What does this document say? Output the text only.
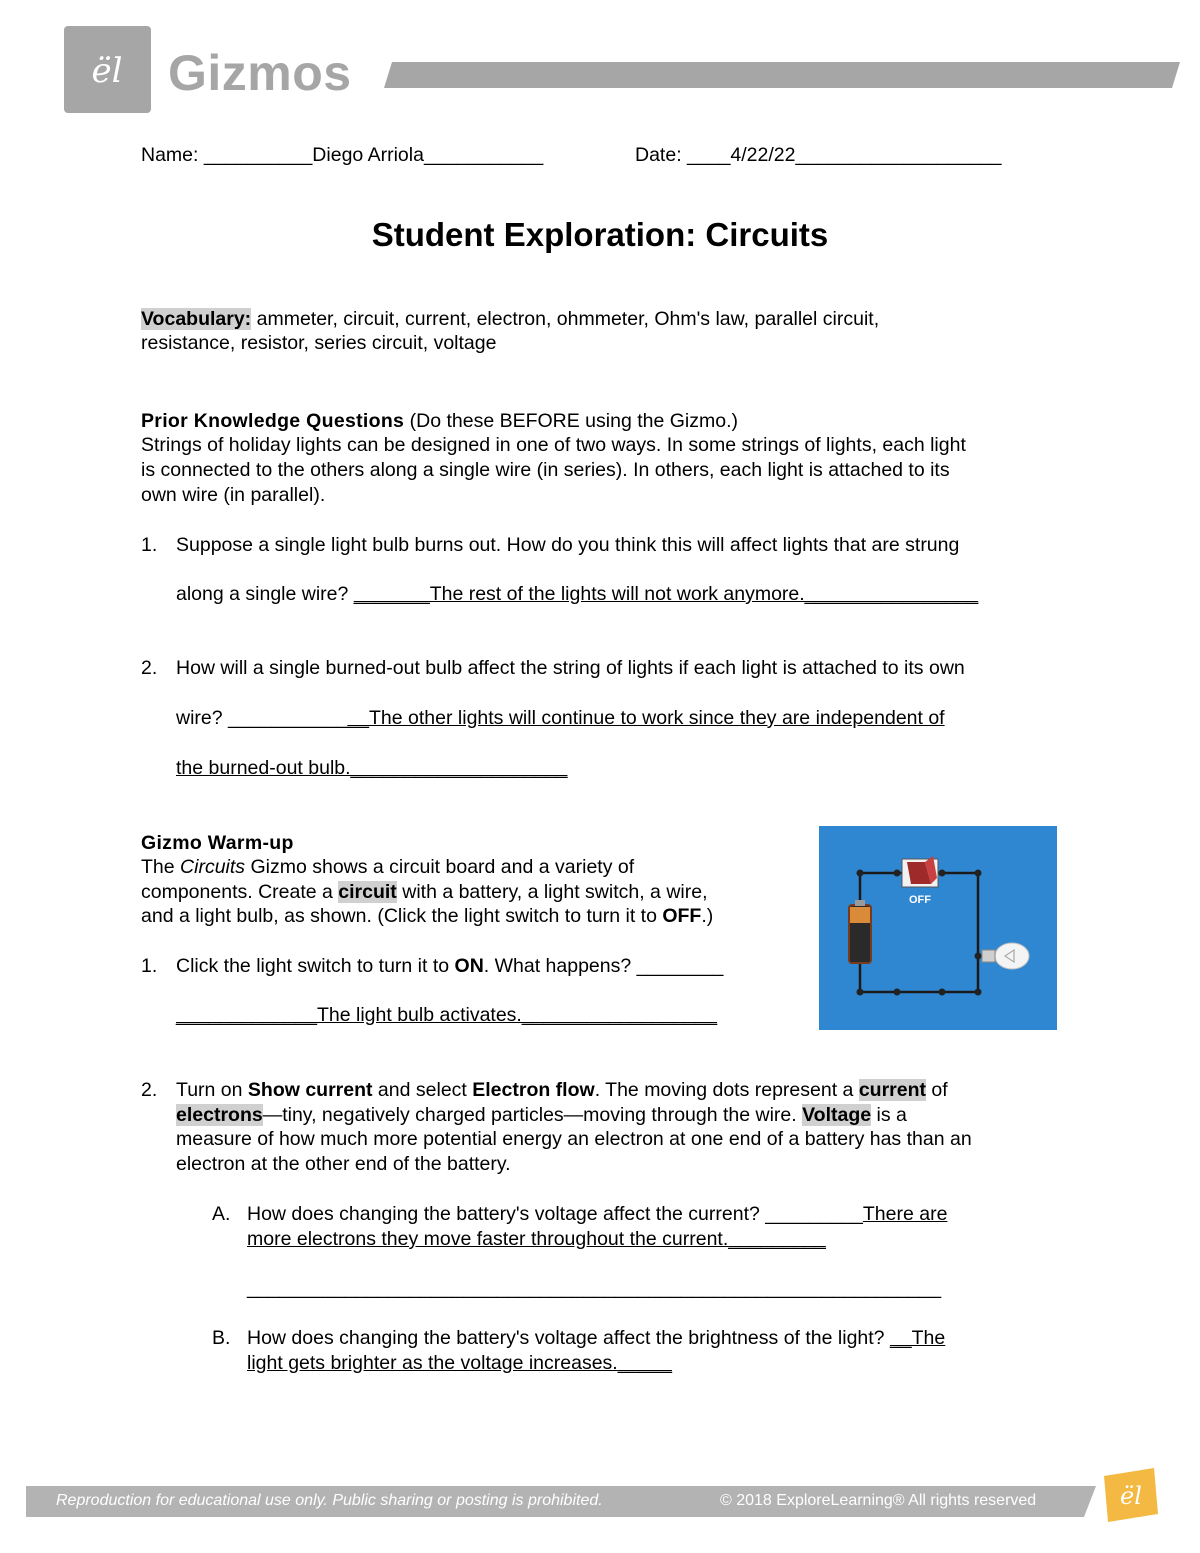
ël Gizmos
Name: __________Diego Arriola___________	Date: ____4/22/22___________________
Student Exploration: Circuits
Vocabulary: ammeter, circuit, current, electron, ohmmeter, Ohm's law, parallel circuit,
resistance, resistor, series circuit, voltage
Prior Knowledge Questions (Do these BEFORE using the Gizmo.)
Strings of holiday lights can be designed in one of two ways. In some strings of lights, each light
is connected to the others along a single wire (in series). In others, each light is attached to its
own wire (in parallel).
1. Suppose a single light bulb burns out. How do you think this will affect lights that are strung
along a single wire? _______The rest of the lights will not work anymore.________________
2. How will a single burned-out bulb affect the string of lights if each light is attached to its own
wire? _____________The other lights will continue to work since they are independent of
the burned-out bulb.____________________
Gizmo Warm-up
The Circuits Gizmo shows a circuit board and a variety of
components. Create a circuit with a battery, a light switch, a wire,
and a light bulb, as shown. (Click the light switch to turn it to OFF.)
1. Click the light switch to turn it to ON. What happens? ________
_____________The light bulb activates.__________________
OFF
2. Turn on Show current and select Electron flow. The moving dots represent a current of
electrons—tiny, negatively charged particles—moving through the wire. Voltage is a
measure of how much more potential energy an electron at one end of a battery has than an
electron at the other end of the battery.
A. How does changing the battery's voltage affect the current? _________There are
more electrons they move faster throughout the current._________
________________________________________________________________
B. How does changing the battery's voltage affect the brightness of the light? __The
light gets brighter as the voltage increases._____
Reproduction for educational use only. Public sharing or posting is prohibited.	© 2018 ExploreLearning® All rights reserved	ël
